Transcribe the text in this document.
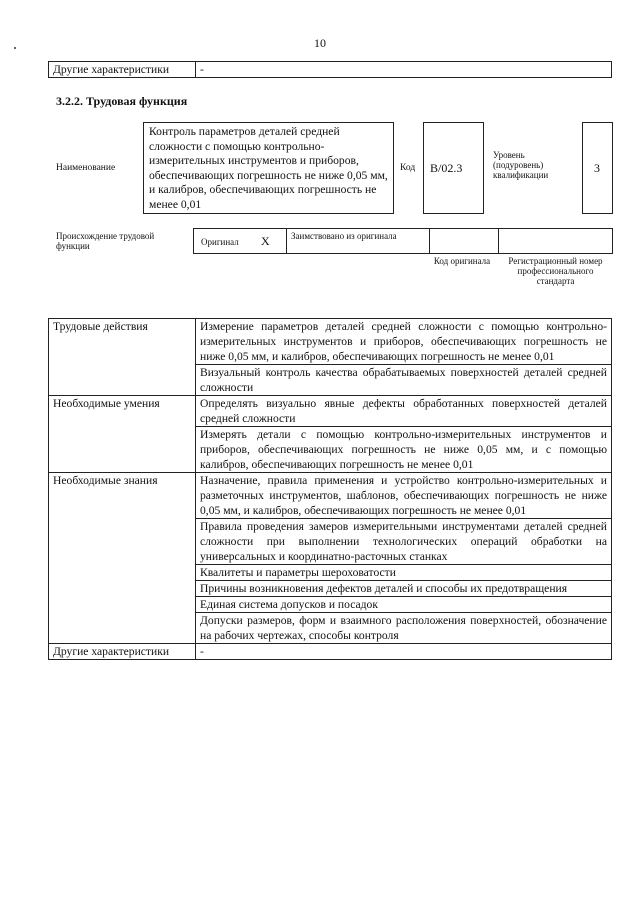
10
Другие характеристики	-
3.2.2. Трудовая функция
Наименование
Контроль параметров деталей средней сложности с помощью контрольно-измерительных инструментов и приборов, обеспечивающих погрешность не ниже 0,05 мм, и калибров, обеспечивающих погрешность не менее 0,01
Код B/02.3
Уровень (подуровень) квалификации	3
Происхождение трудовой функции	Оригинал X Заимствовано из оригинала
Код оригинала	Регистрационный номер профессионального стандарта
Трудовые действия	Измерение параметров деталей средней сложности с помощью контрольно-измерительных инструментов и приборов, обеспечивающих погрешность не ниже 0,05 мм, и калибров, обеспечивающих погрешность не менее 0,01
	Визуальный контроль качества обрабатываемых поверхностей деталей средней сложности
Необходимые умения	Определять визуально явные дефекты обработанных поверхностей деталей средней сложности
	Измерять детали с помощью контрольно-измерительных инструментов и приборов, обеспечивающих погрешность не ниже 0,05 мм, и с помощью калибров, обеспечивающих погрешность не менее 0,01
Необходимые знания	Назначение, правила применения и устройство контрольно-измерительных и разметочных инструментов, шаблонов, обеспечивающих погрешность не ниже 0,05 мм, и калибров, обеспечивающих погрешность не менее 0,01
	Правила проведения замеров измерительными инструментами деталей средней сложности при выполнении технологических операций обработки на универсальных и координатно-расточных станках
	Квалитеты и параметры шероховатости
	Причины возникновения дефектов деталей и способы их предотвращения
	Единая система допусков и посадок
	Допуски размеров, форм и взаимного расположения поверхностей, обозначение на рабочих чертежах, способы контроля
Другие характеристики	-
